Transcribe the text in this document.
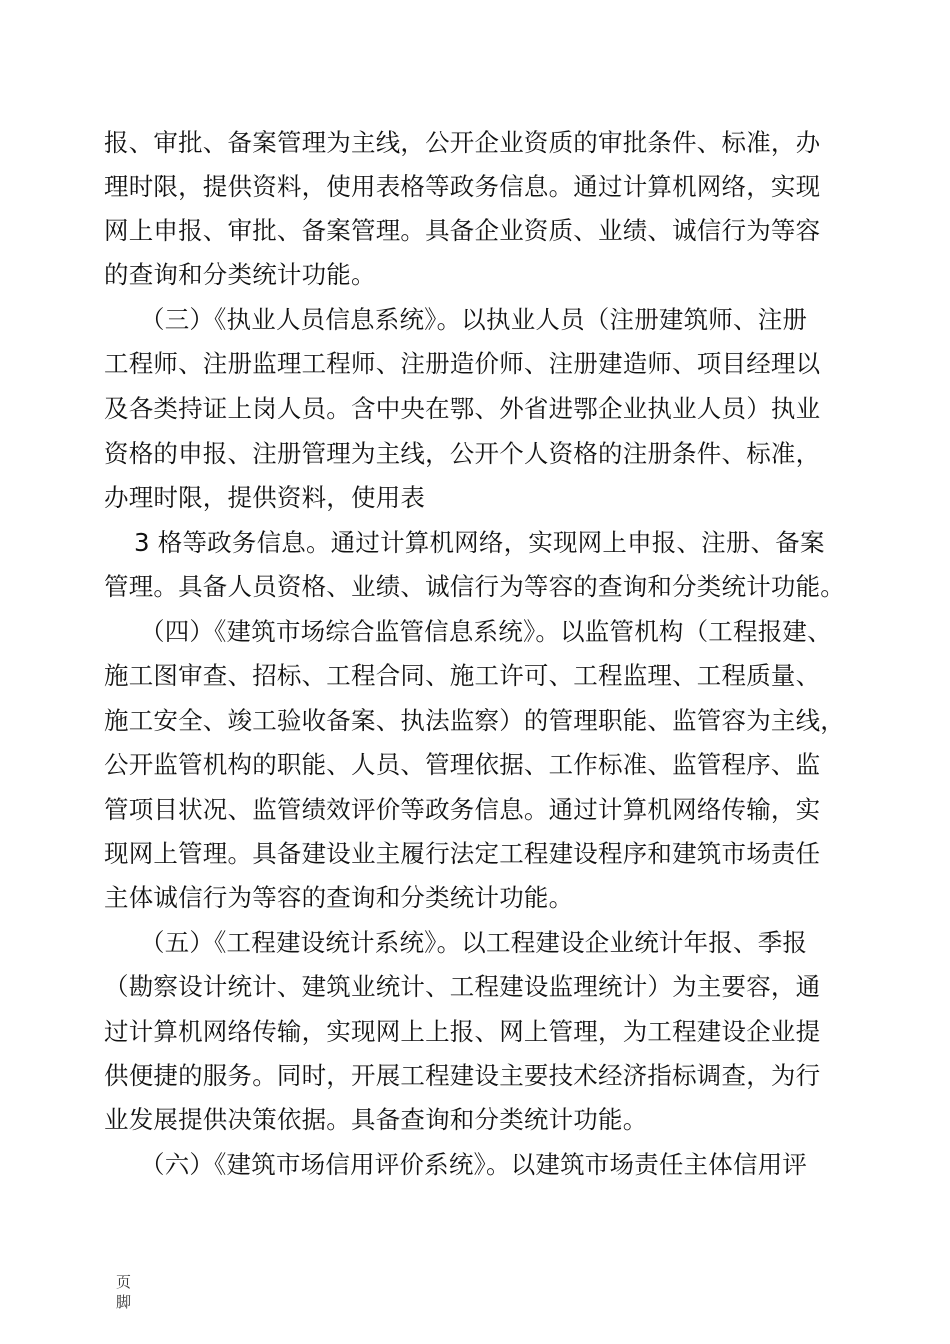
报、审批、备案管理为主线，公开企业资质的审批条件、标准，办
理时限，提供资料，使用表格等政务信息。通过计算机网络，实现
网上申报、审批、备案管理。具备企业资质、业绩、诚信行为等容
的查询和分类统计功能。
（三）《执业人员信息系统》。以执业人员（注册建筑师、注册
工程师、注册监理工程师、注册造价师、注册建造师、项目经理以
及各类持证上岗人员。含中央在鄂、外省进鄂企业执业人员）执业
资格的申报、注册管理为主线，公开个人资格的注册条件、标准，
办理时限，提供资料，使用表
3 格等政务信息。通过计算机网络，实现网上申报、注册、备案
管理。具备人员资格、业绩、诚信行为等容的查询和分类统计功能。
（四）《建筑市场综合监管信息系统》。以监管机构（工程报建、
施工图审查、招标、工程合同、施工许可、工程监理、工程质量、
施工安全、竣工验收备案、执法监察）的管理职能、监管容为主线，
公开监管机构的职能、人员、管理依据、工作标准、监管程序、监
管项目状况、监管绩效评价等政务信息。通过计算机网络传输，实
现网上管理。具备建设业主履行法定工程建设程序和建筑市场责任
主体诚信行为等容的查询和分类统计功能。
（五）《工程建设统计系统》。以工程建设企业统计年报、季报
（勘察设计统计、建筑业统计、工程建设监理统计）为主要容，通
过计算机网络传输，实现网上上报、网上管理，为工程建设企业提
供便捷的服务。同时，开展工程建设主要技术经济指标调查，为行
业发展提供决策依据。具备查询和分类统计功能。
（六）《建筑市场信用评价系统》。以建筑市场责任主体信用评
页
脚
